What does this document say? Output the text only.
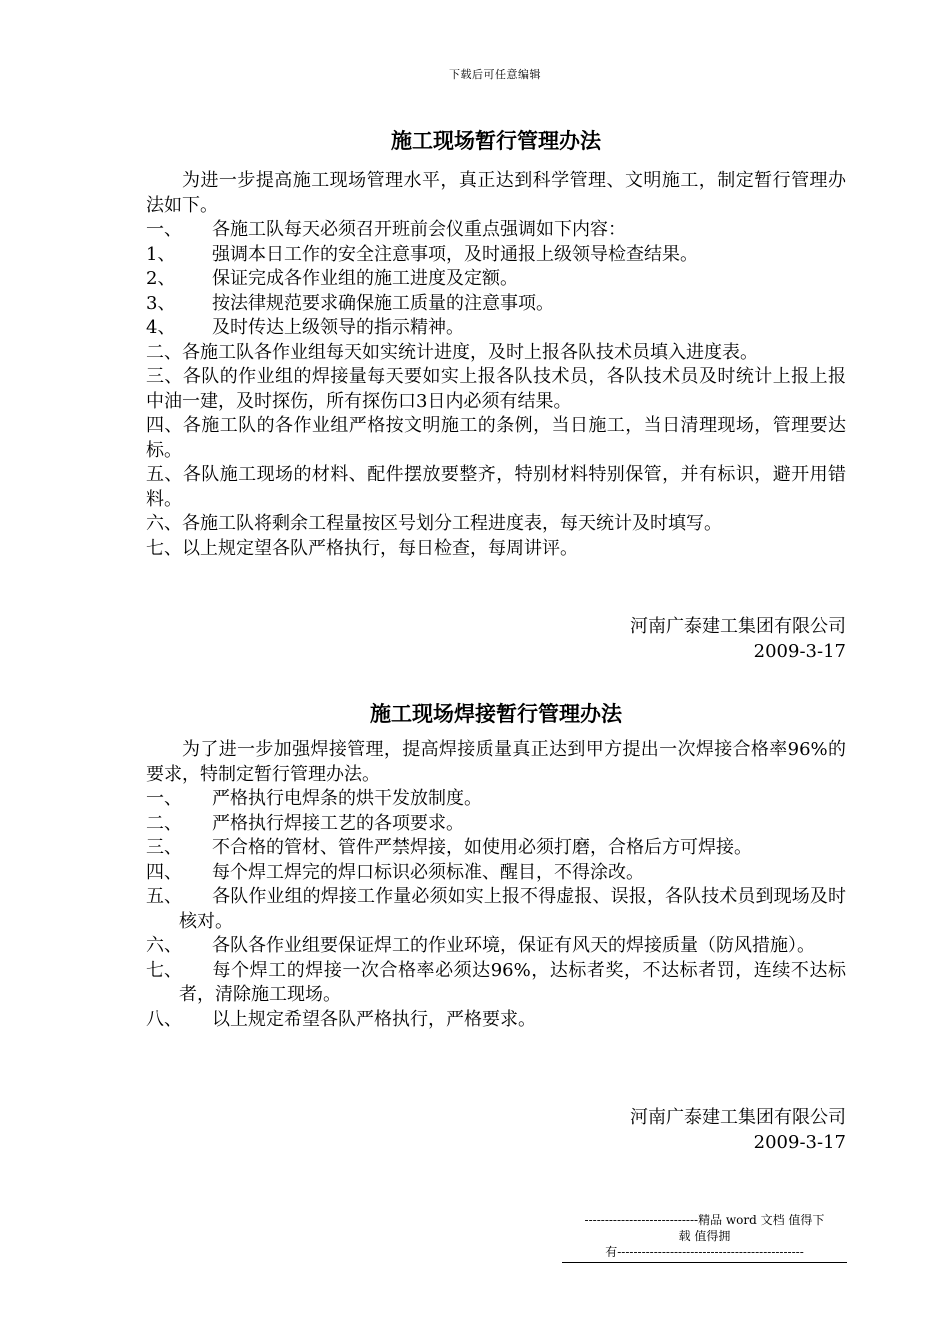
下载后可任意编辑

施工现场暂行管理办法

为进一步提高施工现场管理水平，真正达到科学管理、文明施工，制定暂行管理办法如下。

一、	各施工队每天必须召开班前会仪重点强调如下内容：
1、	强调本日工作的安全注意事项，及时通报上级领导检查结果。
2、	保证完成各作业组的施工进度及定额。
3、	按法律规范要求确保施工质量的注意事项。
4、	及时传达上级领导的指示精神。

二、各施工队各作业组每天如实统计进度，及时上报各队技术员填入进度表。

三、各队的作业组的焊接量每天要如实上报各队技术员，各队技术员及时统计上报上报中油一建，及时探伤，所有探伤口3日内必须有结果。

四、各施工队的各作业组严格按文明施工的条例，当日施工，当日清理现场，管理要达标。

五、各队施工现场的材料、配件摆放要整齐，特别材料特别保管，并有标识，避开用错料。

六、各施工队将剩余工程量按区号划分工程进度表，每天统计及时填写。

七、以上规定望各队严格执行，每日检查，每周讲评。

河南广泰建工集团有限公司

2009-3-17

施工现场焊接暂行管理办法

为了进一步加强焊接管理，提高焊接质量真正达到甲方提出一次焊接合格率96%的要求，特制定暂行管理办法。

一、 严格执行电焊条的烘干发放制度。

二、 严格执行焊接工艺的各项要求。

三、 不合格的管材、管件严禁焊接，如使用必须打磨，合格后方可焊接。

四、 每个焊工焊完的焊口标识必须标准、醒目，不得涂改。

五、 各队作业组的焊接工作量必须如实上报不得虚报、误报，各队技术员到现场及时核对。

六、 各队各作业组要保证焊工的作业环境，保证有风天的焊接质量（防风措施）。

七、 每个焊工的焊接一次合格率必须达96%，达标者奖，不达标者罚，连续不达标者，清除施工现场。

八、 以上规定希望各队严格执行，严格要求。

河南广泰建工集团有限公司

2009-3-17

----------------------------精品 word 文档 值得下
载 值得拥
有----------------------------------------------
